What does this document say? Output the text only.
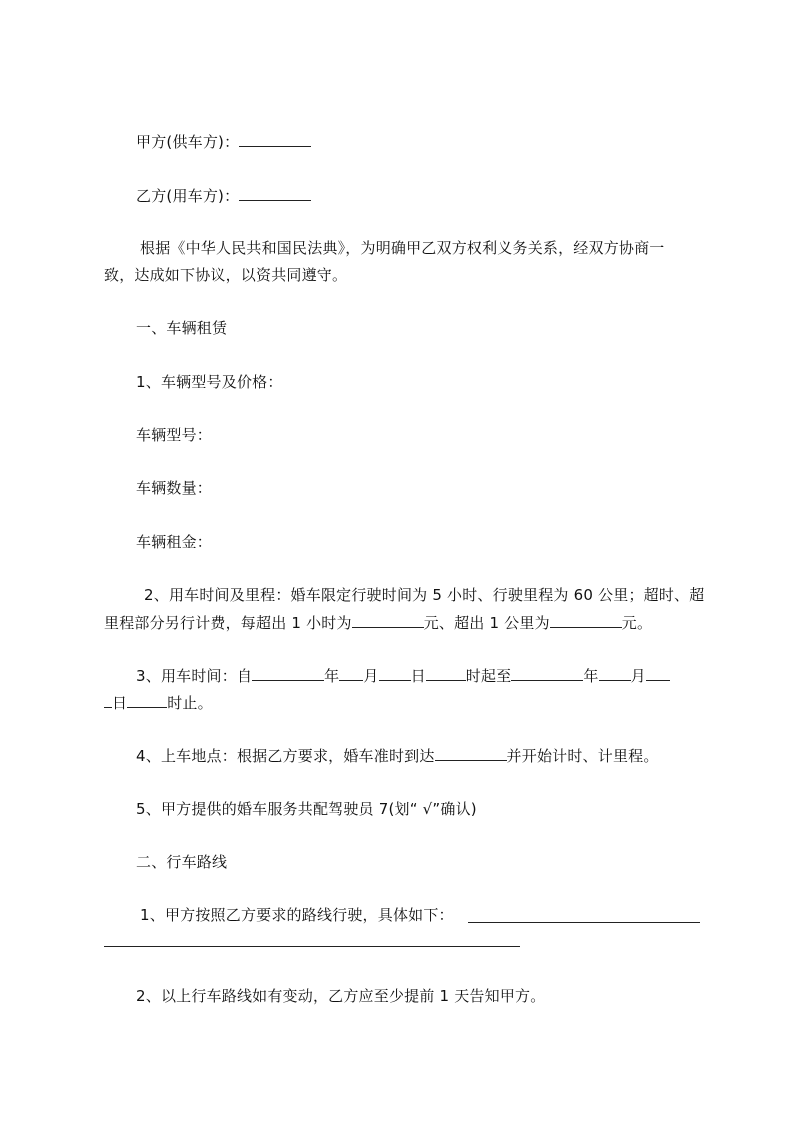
甲方(供车方)：
乙方(用车方)：
根据《中华人民共和国民法典》，为明确甲乙双方权利义务关系，经双方协商一
致，达成如下协议，以资共同遵守。
一、车辆租赁
1、车辆型号及价格：
车辆型号：
车辆数量：
车辆租金：
2、用车时间及里程：婚车限定行驶时间为 5 小时、行驶里程为 60 公里；超时、超
里程部分另行计费，每超出 1 小时为	元、超出 1 公里为	元。
3、用车时间：自	年 月 日	时起至	年 月
日	时止。
4、上车地点：根据乙方要求，婚车准时到达	并开始计时、计里程。
5、甲方提供的婚车服务共配驾驶员 7(划“ √”确认)
二、行车路线
1、甲方按照乙方要求的路线行驶，具体如下：
2、以上行车路线如有变动，乙方应至少提前 1 天告知甲方。
